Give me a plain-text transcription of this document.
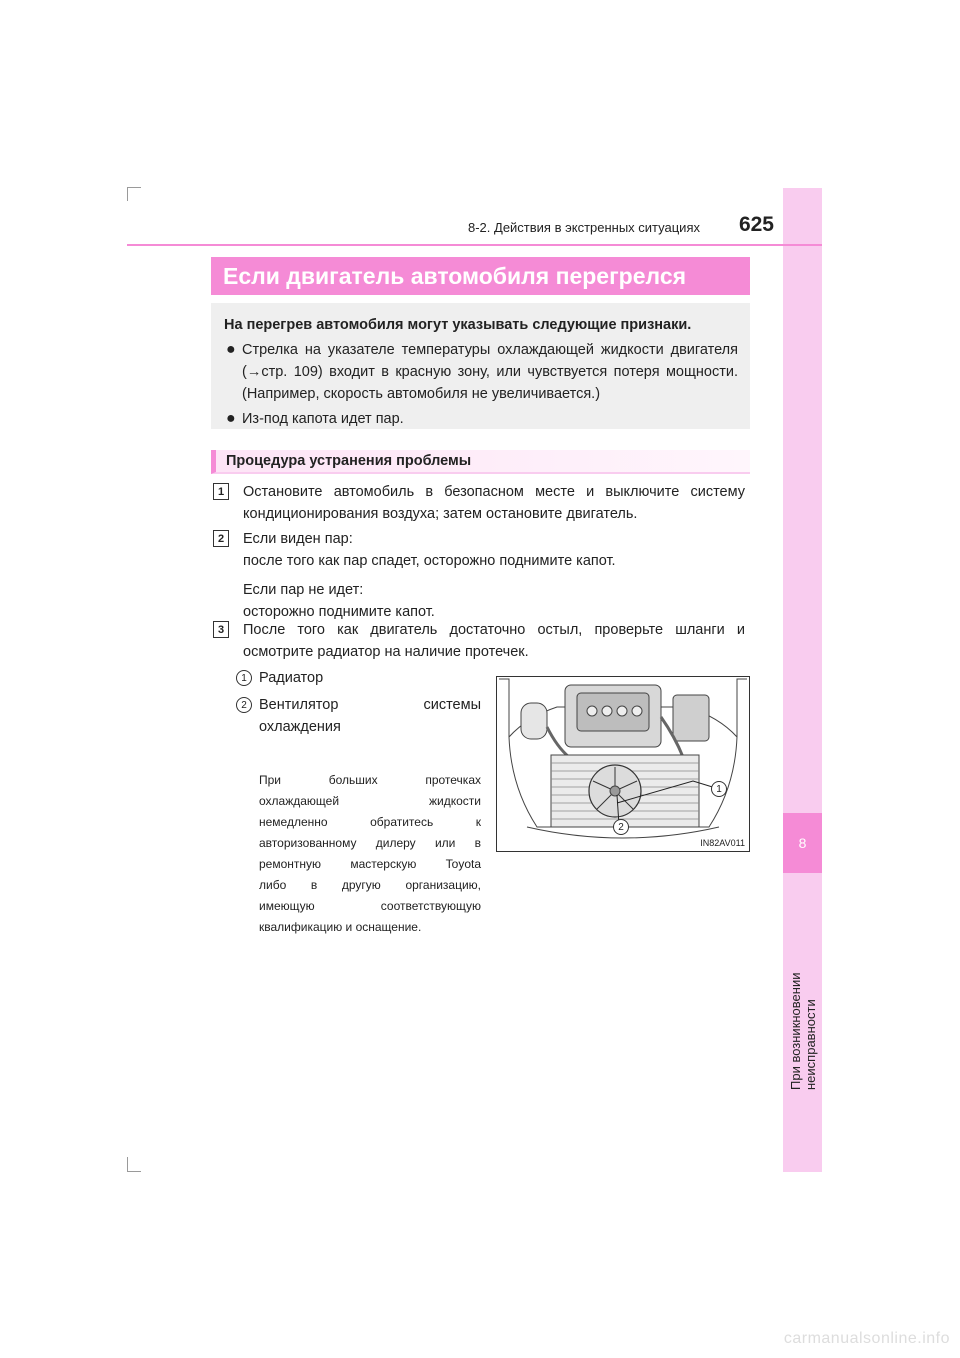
8
При возникновении неисправности
8-2. Действия в экстренных ситуациях	625
Если двигатель автомобиля перегрелся
На перегрев автомобиля могут указывать следующие признаки.
● Стрелка на указателе температуры охлаждающей жидкости двигателя (→стр. 109) входит в красную зону, или чувствуется потеря мощности. (Например, скорость автомобиля не увеличивается.)
● Из-под капота идет пар.
Процедура устранения проблемы
1	Остановите автомобиль в безопасном месте и выключите систему кондиционирования воздуха; затем остановите двигатель.

2	Если виден пар:

после того как пар спадет, осторожно поднимите капот.

Если пар не идет:

осторожно поднимите капот.

3	После того как двигатель достаточно остыл, проверьте шланги и осмотрите радиатор на наличие протечек.

1 Радиатор
2 Вентилятор системы
охлаждения
При больших протечках
охлаждающей жидкости
немедленно обратитесь к
авторизованному дилеру или в
ремонтную мастерскую Toyota
либо в другую организацию,
имеющую соответствующую
квалификацию и оснащение.
1
2
IN82AV011
carmanualsonline.info
